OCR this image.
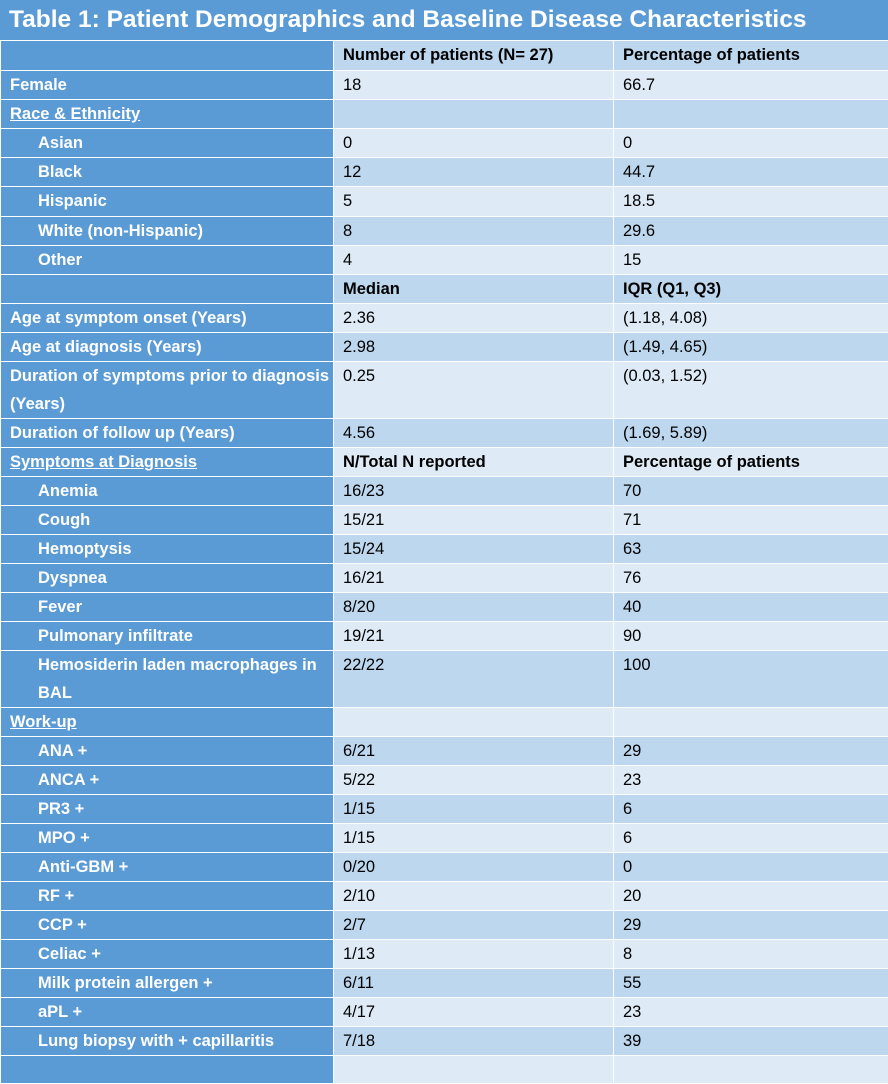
Table 1: Patient Demographics and Baseline Disease Characteristics
	Number of patients (N= 27)	Percentage of patients
Female	18	66.7
Race & Ethnicity		
Asian	0	0
Black	12	44.7
Hispanic	5	18.5
White (non-Hispanic)	8	29.6
Other	4	15
	Median	IQR (Q1, Q3)
Age at symptom onset (Years)	2.36	(1.18, 4.08)
Age at diagnosis (Years)	2.98	(1.49, 4.65)
Duration of symptoms prior to diagnosis (Years)	0.25	(0.03, 1.52)
Duration of follow up (Years)	4.56	(1.69, 5.89)
Symptoms at Diagnosis	N/Total N reported	Percentage of patients
Anemia	16/23	70
Cough	15/21	71
Hemoptysis	15/24	63
Dyspnea	16/21	76
Fever	8/20	40
Pulmonary infiltrate	19/21	90
Hemosiderin laden macrophages in BAL	22/22	100
Work-up		
ANA +	6/21	29
ANCA +	5/22	23
PR3 +	1/15	6
MPO +	1/15	6
Anti-GBM +	0/20	0
RF +	2/10	20
CCP +	2/7	29
Celiac +	1/13	8
Milk protein allergen +	6/11	55
aPL +	4/17	23
Lung biopsy with + capillaritis	7/18	39
